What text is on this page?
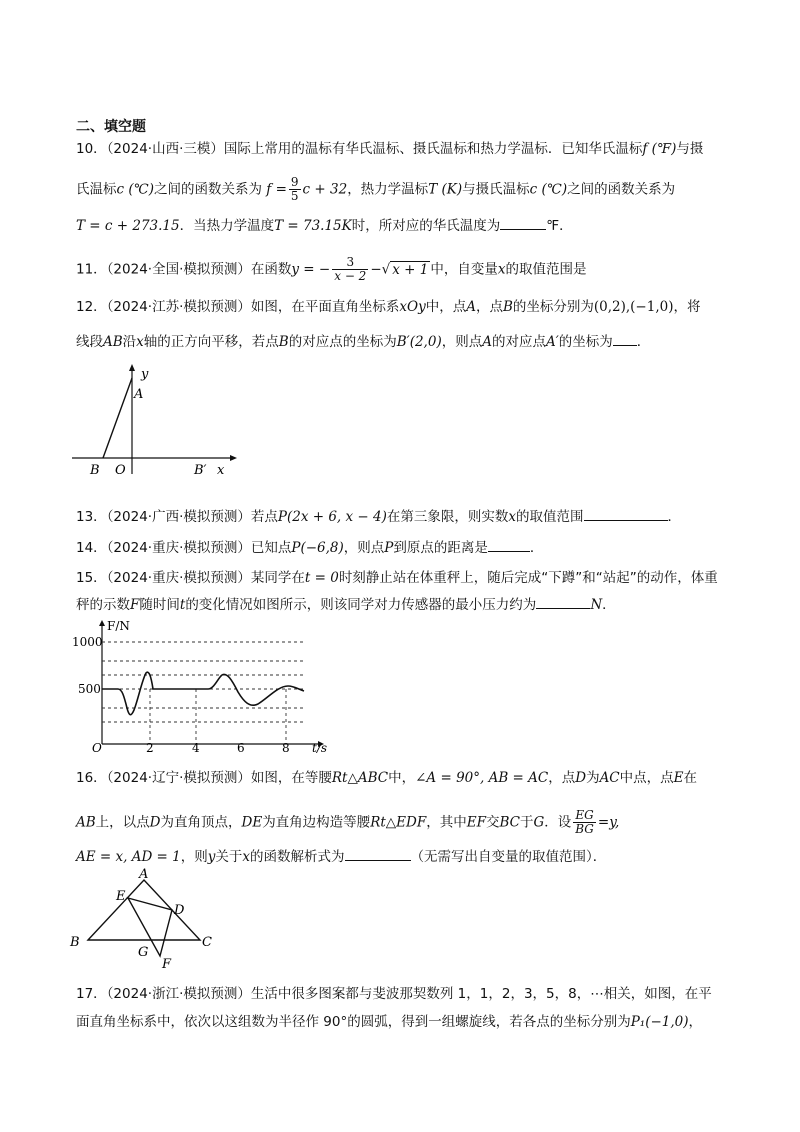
二、填空题
10．（2024·山西·三模）国际上常用的温标有华氏温标、摄氏温标和热力学温标．已知华氏温标f (℉)与摄
氏温标c (℃)之间的函数关系为 $f = \frac{9}{5}$ c + 32，热力学温标T (K)与摄氏温标c (℃)之间的函数关系为
T = c + 273.15．当热力学温度T = 73.15K时，所对应的华氏温度为	℉．
11．（2024·全国·模拟预测）在函数y = − $\frac{3}{x - 2}$ −√ x + 1 中，自变量x的取值范围是
12．（2024·江苏·模拟预测）如图，在平面直角坐标系xOy中，点A，点B的坐标分别为(0,2),(−1,0)，将
线段AB沿x轴的正方向平移，若点B的对应点的坐标为B′(2,0)，则点A的对应点A′的坐标为 ．
y
A
B O	B′ x
13．（2024·广西·模拟预测）若点P(2x + 6, x − 4)在第三象限，则实数x的取值范围	．
14．（2024·重庆·模拟预测）已知点P(−6,8)，则点P到原点的距离是	．
15．（2024·重庆·模拟预测）某同学在t = 0时刻静止站在体重秤上，随后完成“下蹲”和“站起”的动作，体重
秤的示数F随时间t的变化情况如图所示，则该同学对力传感器的最小压力约为	N．
F/N
1000
500
O	2	4	6	8 t/s
16．（2024·辽宁·模拟预测）如图，在等腰Rt△ABC中，∠A = 90°, AB = AC，点D为AC中点，点E在
AB上，以点D为直角顶点，DE为直角边构造等腰Rt△EDF，其中EF交BC于G．设 $\frac{EG}{BG} =y$,
AE = x, AD = 1，则y关于x的函数解析式为	（无需写出自变量的取值范围）．
A
B	C
D
E
F
G
17．（2024·浙江·模拟预测）生活中很多图案都与斐波那契数列 1，1，2，3，5，8，⋯相关，如图，在平
面直角坐标系中，依次以这组数为半径作 90°的圆弧，得到一组螺旋线，若各点的坐标分别为P₁(−1,0)，
